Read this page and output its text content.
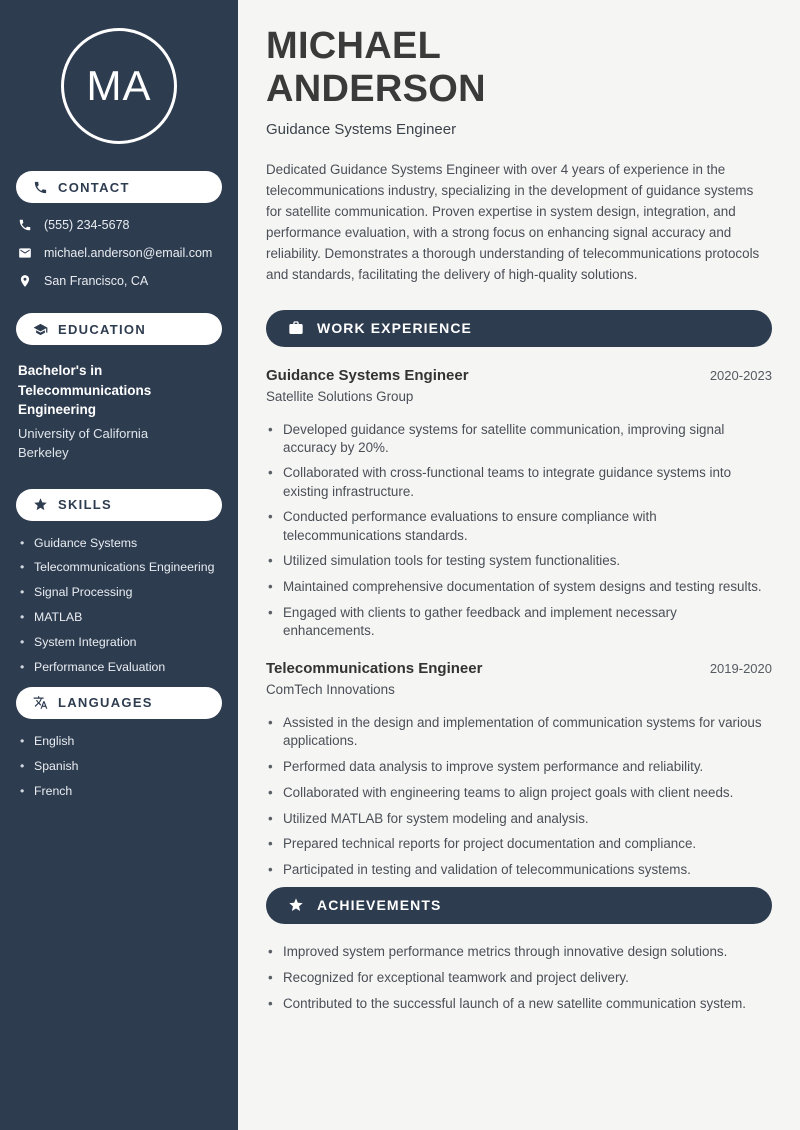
MA
CONTACT
(555) 234-5678
michael.anderson@email.com
San Francisco, CA
EDUCATION
Bachelor's in Telecommunications Engineering
University of California
Berkeley
SKILLS
• Guidance Systems
• Telecommunications Engineering
• Signal Processing
• MATLAB
• System Integration
• Performance Evaluation
LANGUAGES
• English
• Spanish
• French
MICHAEL
ANDERSON
Guidance Systems Engineer

Dedicated Guidance Systems Engineer with over 4 years of experience in the telecommunications industry, specializing in the development of guidance systems for satellite communication. Proven expertise in system design, integration, and performance evaluation, with a strong focus on enhancing signal accuracy and reliability. Demonstrates a thorough understanding of telecommunications protocols and standards, facilitating the delivery of high-quality solutions.

WORK EXPERIENCE
Guidance Systems Engineer	2020-2023
Satellite Solutions Group
• Developed guidance systems for satellite communication, improving signal accuracy by 20%.
• Collaborated with cross-functional teams to integrate guidance systems into existing infrastructure.
• Conducted performance evaluations to ensure compliance with telecommunications standards.
• Utilized simulation tools for testing system functionalities.
• Maintained comprehensive documentation of system designs and testing results.
• Engaged with clients to gather feedback and implement necessary enhancements.
Telecommunications Engineer	2019-2020
ComTech Innovations
• Assisted in the design and implementation of communication systems for various applications.
• Performed data analysis to improve system performance and reliability.
• Collaborated with engineering teams to align project goals with client needs.
• Utilized MATLAB for system modeling and analysis.
• Prepared technical reports for project documentation and compliance.
• Participated in testing and validation of telecommunications systems.
ACHIEVEMENTS
• Improved system performance metrics through innovative design solutions.
• Recognized for exceptional teamwork and project delivery.
• Contributed to the successful launch of a new satellite communication system.
